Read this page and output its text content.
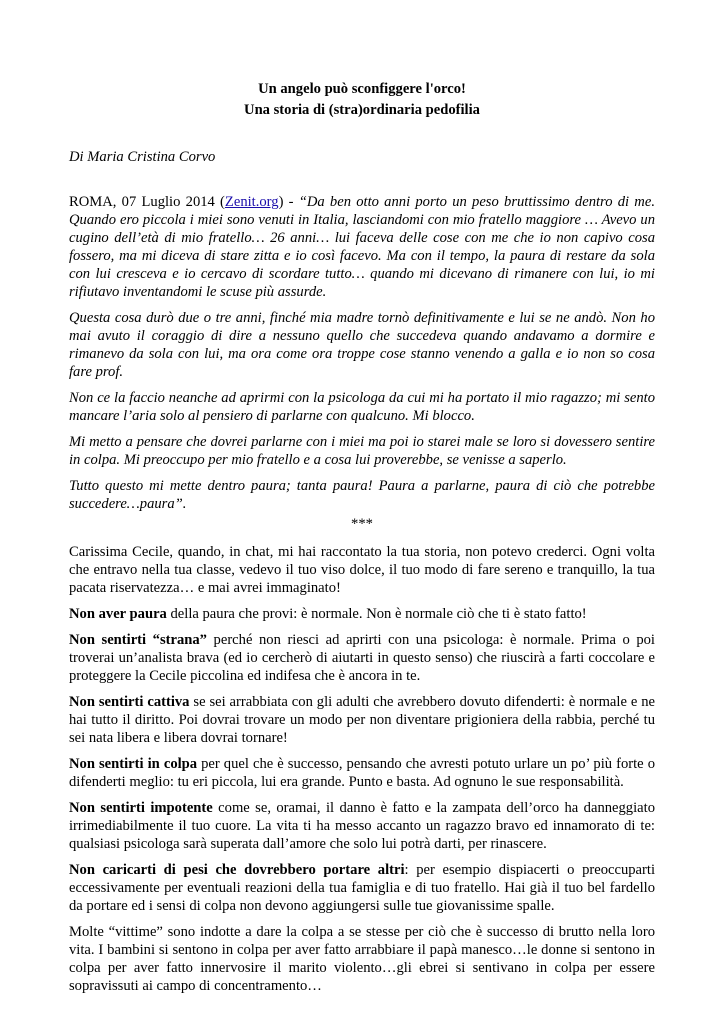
Un angelo può sconfiggere l'orco!
Una storia di (stra)ordinaria pedofilia
Di Maria Cristina Corvo

ROMA, 07 Luglio 2014 (Zenit.org) - “Da ben otto anni porto un peso bruttissimo dentro di me. Quando ero piccola i miei sono venuti in Italia, lasciandomi con mio fratello maggiore … Avevo un cugino dell’età di mio fratello… 26 anni… lui faceva delle cose con me che io non capivo cosa fossero, ma mi diceva di stare zitta e io così facevo. Ma con il tempo, la paura di restare da sola con lui cresceva e io cercavo di scordare tutto… quando mi dicevano di rimanere con lui, io mi rifiutavo inventandomi le scuse più assurde.

Questa cosa durò due o tre anni, finché mia madre tornò definitivamente e lui se ne andò. Non ho mai avuto il coraggio di dire a nessuno quello che succedeva quando andavamo a dormire e rimanevo da sola con lui, ma ora come ora troppe cose stanno venendo a galla e io non so cosa fare prof.

Non ce la faccio neanche ad aprirmi con la psicologa da cui mi ha portato il mio ragazzo; mi sento mancare l’aria solo al pensiero di parlarne con qualcuno. Mi blocco.

Mi metto a pensare che dovrei parlarne con i miei ma poi io starei male se loro si dovessero sentire in colpa. Mi preoccupo per mio fratello e a cosa lui proverebbe, se venisse a saperlo.

Tutto questo mi mette dentro paura; tanta paura! Paura a parlarne, paura di ciò che potrebbe succedere…paura”.

***

Carissima Cecile, quando, in chat, mi hai raccontato la tua storia, non potevo crederci. Ogni volta che entravo nella tua classe, vedevo il tuo viso dolce, il tuo modo di fare sereno e tranquillo, la tua pacata riservatezza… e mai avrei immaginato!

Non aver paura della paura che provi: è normale. Non è normale ciò che ti è stato fatto!

Non sentirti “strana” perché non riesci ad aprirti con una psicologa: è normale. Prima o poi troverai un’analista brava (ed io cercherò di aiutarti in questo senso) che riuscirà a farti coccolare e proteggere la Cecile piccolina ed indifesa che è ancora in te.

Non sentirti cattiva se sei arrabbiata con gli adulti che avrebbero dovuto difenderti: è normale e ne hai tutto il diritto. Poi dovrai trovare un modo per non diventare prigioniera della rabbia, perché tu sei nata libera e libera dovrai tornare!

Non sentirti in colpa per quel che è successo, pensando che avresti potuto urlare un po’ più forte o difenderti meglio: tu eri piccola, lui era grande. Punto e basta. Ad ognuno le sue responsabilità.

Non sentirti impotente come se, oramai, il danno è fatto e la zampata dell’orco ha danneggiato irrimediabilmente il tuo cuore. La vita ti ha messo accanto un ragazzo bravo ed innamorato di te: qualsiasi psicologa sarà superata dall’amore che solo lui potrà darti, per rinascere.

Non caricarti di pesi che dovrebbero portare altri: per esempio dispiacerti o preoccuparti eccessivamente per eventuali reazioni della tua famiglia e di tuo fratello. Hai già il tuo bel fardello da portare ed i sensi di colpa non devono aggiungersi sulle tue giovanissime spalle.

Molte “vittime” sono indotte a dare la colpa a se stesse per ciò che è successo di brutto nella loro vita. I bambini si sentono in colpa per aver fatto arrabbiare il papà manesco…le donne si sentono in colpa per aver fatto innervosire il marito violento…gli ebrei si sentivano in colpa per essere sopravissuti ai campo di concentramento…
